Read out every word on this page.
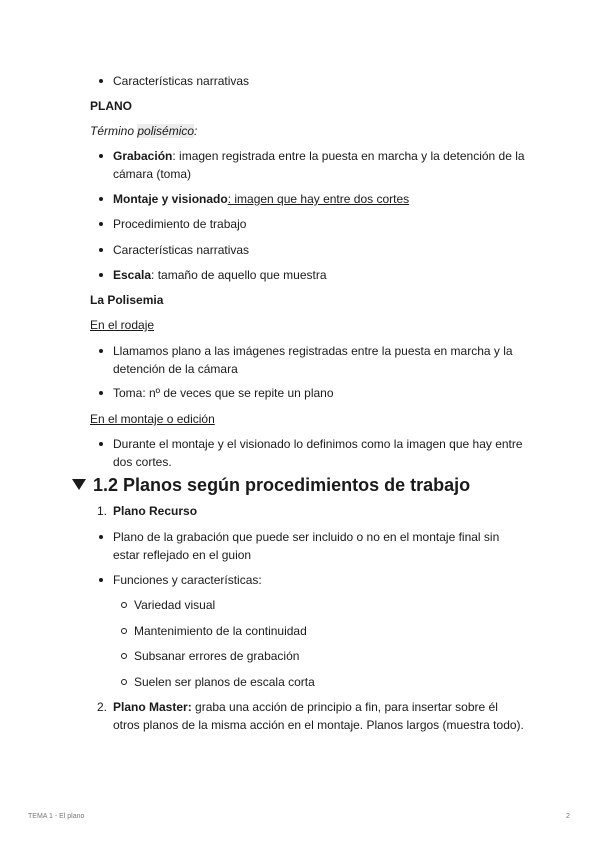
Características narrativas
PLANO
Término polisémico:
Grabación: imagen registrada entre la puesta en marcha y la detención de la
cámara (toma)
Montaje y visionado: imagen que hay entre dos cortes
Procedimiento de trabajo
Características narrativas
Escala: tamaño de aquello que muestra
La Polisemia
En el rodaje
Llamamos plano a las imágenes registradas entre la puesta en marcha y la
detención de la cámara
Toma: nº de veces que se repite un plano
En el montaje o edición
Durante el montaje y el visionado lo definimos como la imagen que hay entre
dos cortes.
1.2 Planos según procedimientos de trabajo
1. Plano Recurso
Plano de la grabación que puede ser incluido o no en el montaje final sin
estar reflejado en el guion
Funciones y características:
Variedad visual
Mantenimiento de la continuidad
Subsanar errores de grabación
Suelen ser planos de escala corta
2. Plano Master: graba una acción de principio a fin, para insertar sobre él
otros planos de la misma acción en el montaje. Planos largos (muestra todo).
TEMA 1 - El plano	2
